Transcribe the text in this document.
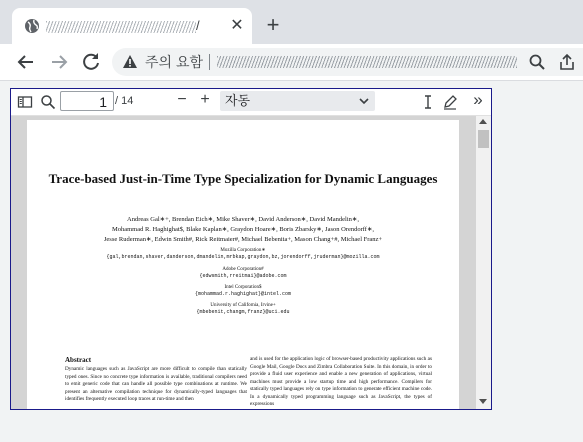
/	✕ +
주의 요함
1 / 14	− +	자동	»
Trace-based Just-in-Time Type Specialization for Dynamic Languages
Andreas Gal∗+, Brendan Eich∗, Mike Shaver∗, David Anderson∗, David Mandelin∗,
Mohammad R. Haghighat$, Blake Kaplan∗, Graydon Hoare∗, Boris Zbarsky∗, Jason Orendorff∗,
Jesse Ruderman∗, Edwin Smith#, Rick Reitmaier#, Michael Bebenita+, Mason Chang+#, Michael Franz+
Mozilla Corporation∗
{gal,brendan,shaver,danderson,dmandelin,mrbkap,graydon,bz,jorendorff,jruderman}@mozilla.com
Adobe Corporation#
{edwsmith,rreitmai}@adobe.com
Intel Corporation$
{mohammad.r.haghighat}@intel.com
University of California, Irvine+
{mbebenit,changm,franz}@uci.edu
Abstract
Dynamic languages such as JavaScript are more difficult to compile than statically typed ones. Since no concrete type information is available, traditional compilers need to emit generic code that can handle all possible type combinations at runtime. We present an alternative compilation technique for dynamically-typed languages that identifies frequently executed loop traces at run-time and then
and is used for the application logic of browser-based productivity applications such as Google Mail, Google Docs and Zimbra Collaboration Suite. In this domain, in order to provide a fluid user experience and enable a new generation of applications, virtual machines must provide a low startup time and high performance. Compilers for statically typed languages rely on type information to generate efficient machine code. In a dynamically typed programming language such as JavaScript, the types of expressions
